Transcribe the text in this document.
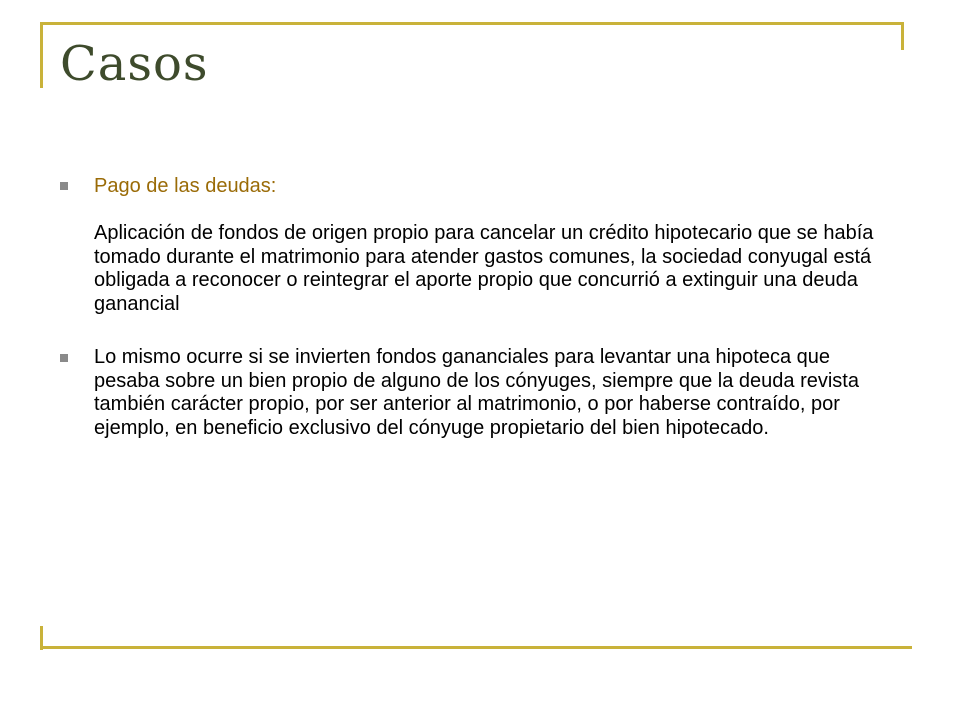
Casos
Pago de las deudas:
Aplicación de fondos de origen propio para cancelar un crédito hipotecario que se había tomado durante el matrimonio para atender gastos comunes, la sociedad conyugal está obligada a reconocer o reintegrar el aporte propio que concurrió a extinguir una deuda ganancial
Lo mismo ocurre si se invierten fondos gananciales para levantar una hipoteca que pesaba sobre un bien propio de alguno de los cónyuges, siempre que la deuda revista también carácter propio, por ser anterior al matrimonio, o por haberse contraído, por ejemplo, en beneficio exclusivo del cónyuge propietario del bien hipotecado.
